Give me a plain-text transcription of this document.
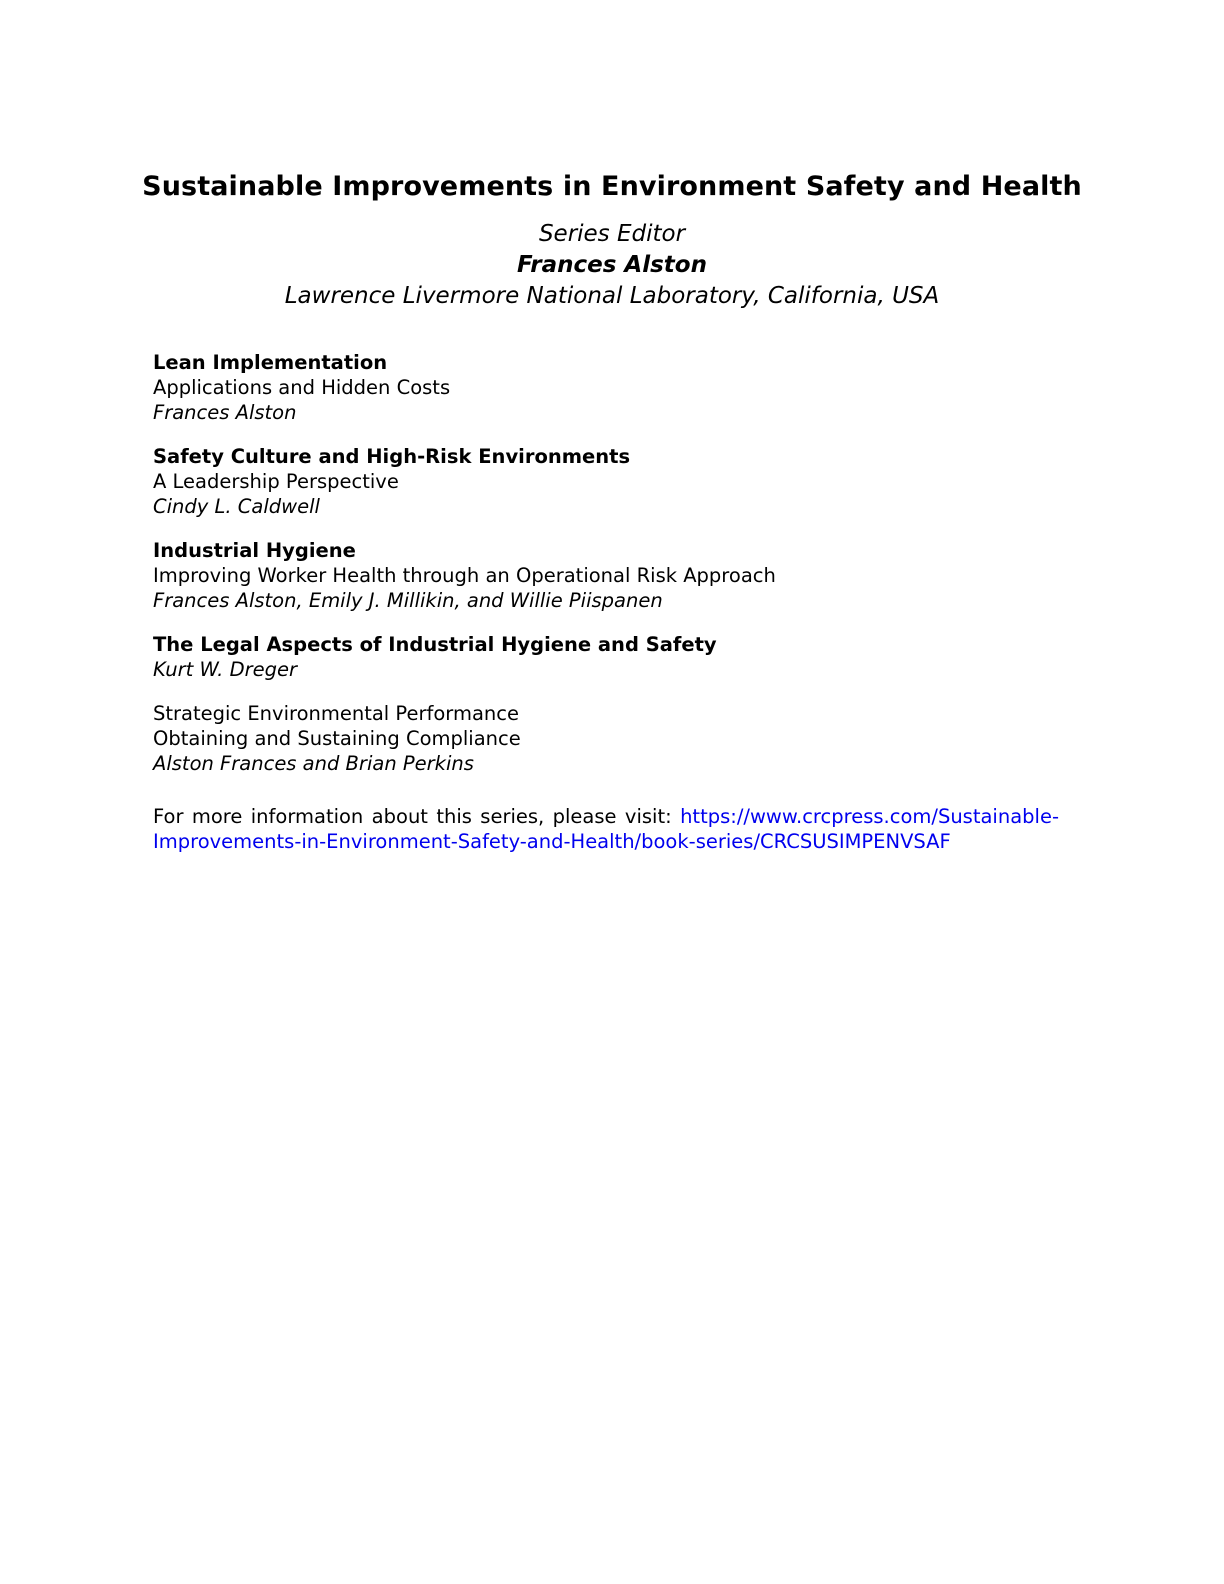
Sustainable Improvements in Environment Safety and Health
Series Editor
Frances Alston
Lawrence Livermore National Laboratory, California, USA
Lean Implementation
Applications and Hidden Costs
Frances Alston
Safety Culture and High-Risk Environments
A Leadership Perspective
Cindy L. Caldwell
Industrial Hygiene
Improving Worker Health through an Operational Risk Approach
Frances Alston, Emily J. Millikin, and Willie Piispanen
The Legal Aspects of Industrial Hygiene and Safety
Kurt W. Dreger
Strategic Environmental Performance
Obtaining and Sustaining Compliance
Alston Frances and Brian Perkins

For more information about this series, please visit: https://www.crcpress.com/Sustainable-Improvements-in-Environment-Safety-and-Health/book-series/CRCSUSIMPENVSAF
